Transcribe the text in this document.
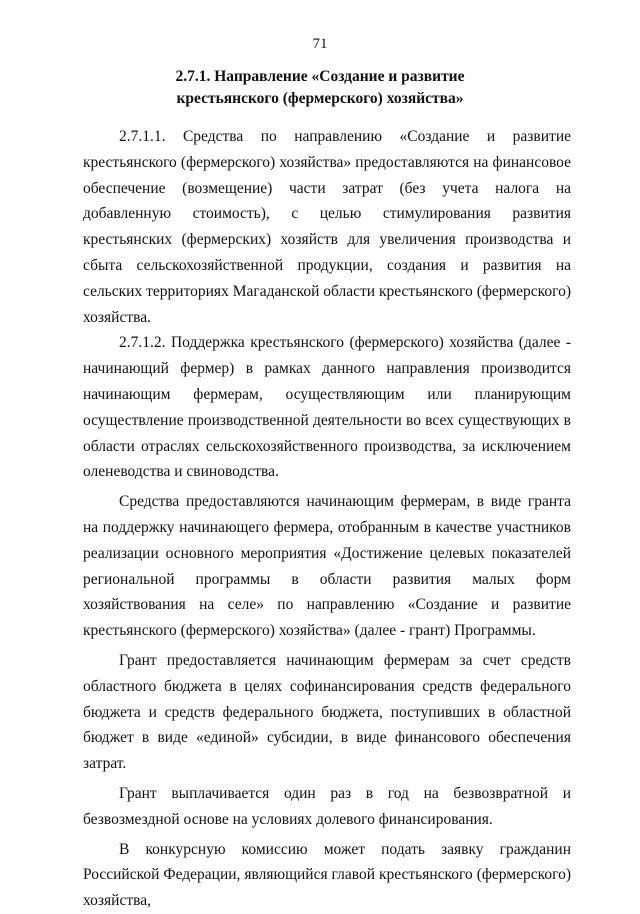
71
2.7.1. Направление «Создание и развитие
крестьянского (фермерского) хозяйства»

2.7.1.1. Средства по направлению «Создание и развитие крестьянского (фермерского) хозяйства» предоставляются на финансовое обеспечение (возмещение) части затрат (без учета налога на добавленную стоимость), с целью стимулирования развития крестьянских (фермерских) хозяйств для увеличения производства и сбыта сельскохозяйственной продукции, создания и развития на сельских территориях Магаданской области крестьянского (фермерского) хозяйства.

2.7.1.2. Поддержка крестьянского (фермерского) хозяйства (далее - начинающий фермер) в рамках данного направления производится начинающим фермерам, осуществляющим или планирующим осуществление производственной деятельности во всех существующих в области отраслях сельскохозяйственного производства, за исключением оленеводства и свиноводства.

Средства предоставляются начинающим фермерам, в виде гранта на поддержку начинающего фермера, отобранным в качестве участников реализации основного мероприятия «Достижение целевых показателей региональной программы в области развития малых форм хозяйствования на селе» по направлению «Создание и развитие крестьянского (фермерского) хозяйства» (далее - грант) Программы.

Грант предоставляется начинающим фермерам за счет средств областного бюджета в целях софинансирования средств федерального бюджета и средств федерального бюджета, поступивших в областной бюджет в виде «единой» субсидии, в виде финансового обеспечения затрат.

Грант выплачивается один раз в год на безвозвратной и безвозмездной основе на условиях долевого финансирования.

В конкурсную комиссию может подать заявку гражданин Российской Федерации, являющийся главой крестьянского (фермерского) хозяйства,
